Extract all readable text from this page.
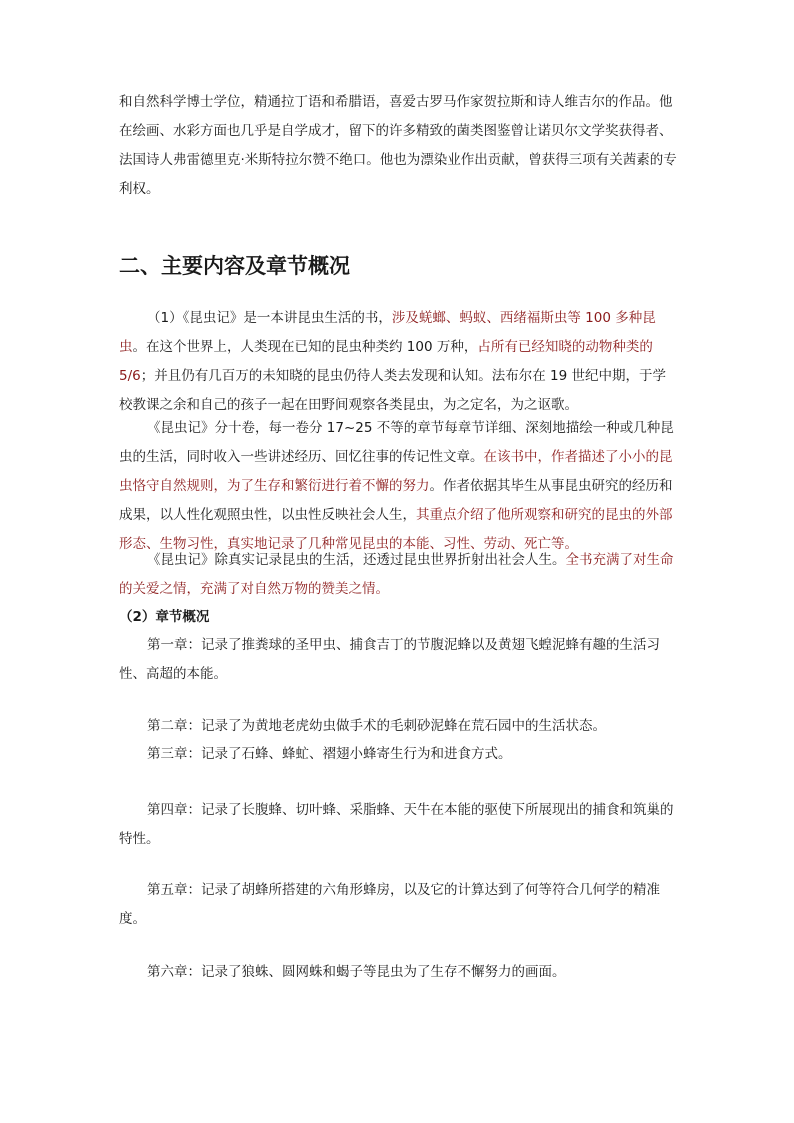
和自然科学博士学位，精通拉丁语和希腊语，喜爱古罗马作家贺拉斯和诗人维吉尔的作品。他在绘画、水彩方面也几乎是自学成才，留下的许多精致的菌类图鉴曾让诺贝尔文学奖获得者、法国诗人弗雷德里克·米斯特拉尔赞不绝口。他也为漂染业作出贡献，曾获得三项有关茜素的专利权。

二、主要内容及章节概况

（1）《昆虫记》是一本讲昆虫生活的书，涉及蜣螂、蚂蚁、西绪福斯虫等 100 多种昆虫。在这个世界上，人类现在已知的昆虫种类约 100 万种，占所有已经知晓的动物种类的 5/6；并且仍有几百万的未知晓的昆虫仍待人类去发现和认知。法布尔在 19 世纪中期，于学校教课之余和自己的孩子一起在田野间观察各类昆虫，为之定名，为之讴歌。

《昆虫记》分十卷，每一卷分 17~25 不等的章节每章节详细、深刻地描绘一种或几种昆虫的生活，同时收入一些讲述经历、回忆往事的传记性文章。在该书中，作者描述了小小的昆虫恪守自然规则，为了生存和繁衍进行着不懈的努力。作者依据其毕生从事昆虫研究的经历和成果，以人性化观照虫性，以虫性反映社会人生，其重点介绍了他所观察和研究的昆虫的外部形态、生物习性，真实地记录了几种常见昆虫的本能、习性、劳动、死亡等。

《昆虫记》除真实记录昆虫的生活，还透过昆虫世界折射出社会人生。全书充满了对生命的关爱之情，充满了对自然万物的赞美之情。

（2）章节概况

第一章：记录了推粪球的圣甲虫、捕食吉丁的节腹泥蜂以及黄翅飞蝗泥蜂有趣的生活习性、高超的本能。

第二章：记录了为黄地老虎幼虫做手术的毛刺砂泥蜂在荒石园中的生活状态。

第三章：记录了石蜂、蜂虻、褶翅小蜂寄生行为和进食方式。

第四章：记录了长腹蜂、切叶蜂、采脂蜂、天牛在本能的驱使下所展现出的捕食和筑巢的特性。

第五章：记录了胡蜂所搭建的六角形蜂房，以及它的计算达到了何等符合几何学的精准度。

第六章：记录了狼蛛、圆网蛛和蝎子等昆虫为了生存不懈努力的画面。
